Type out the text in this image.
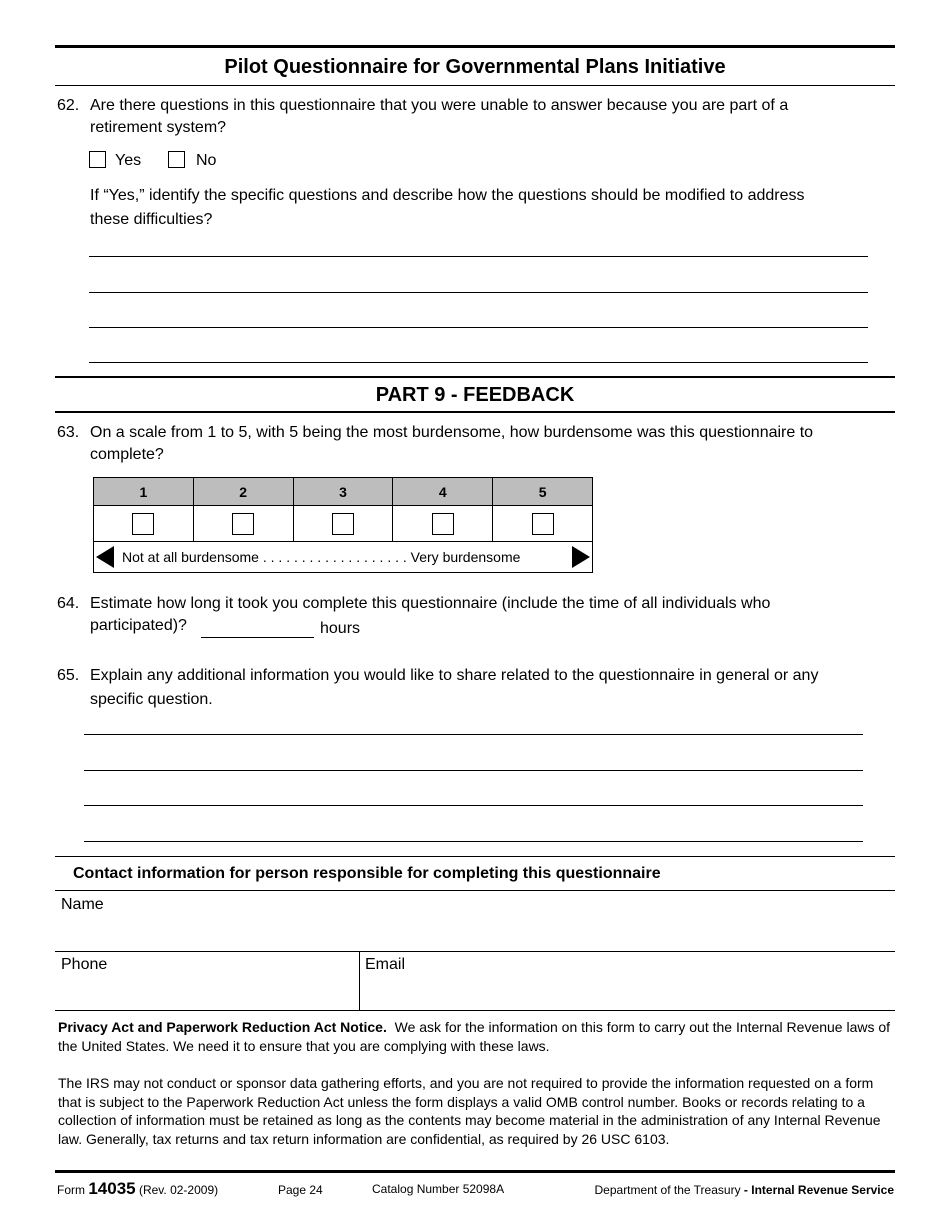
Pilot Questionnaire for Governmental Plans Initiative
62. Are there questions in this questionnaire that you were unable to answer because you are part of a
retirement system?
Yes	No
If “Yes,” identify the specific questions and describe how the questions should be modified to address
these difficulties?
PART 9 - FEEDBACK
63. On a scale from 1 to 5, with 5 being the most burdensome, how burdensome was this questionnaire to
complete?
1	2	3	4	5

Not at all burdensome . . . . . . . . . . . . . . . . . . . Very burdensome				
64. Estimate how long it took you complete this questionnaire (include the time of all individuals who
participated)?	hours
65. Explain any additional information you would like to share related to the questionnaire in general or any
specific question.
Contact information for person responsible for completing this questionnaire
Name
Phone	Email
Privacy Act and Paperwork Reduction Act Notice. We ask for the information on this form to carry out the Internal Revenue laws of the United States. We need it to ensure that you are complying with these laws.
The IRS may not conduct or sponsor data gathering efforts, and you are not required to provide the information requested on a form that is subject to the Paperwork Reduction Act unless the form displays a valid OMB control number. Books or records relating to a collection of information must be retained as long as the contents may become material in the administration of any Internal Revenue law. Generally, tax returns and tax return information are confidential, as required by 26 USC 6103.
Form 14035 (Rev. 02-2009)	Page 24	Catalog Number 52098A	Department of the Treasury - Internal Revenue Service
